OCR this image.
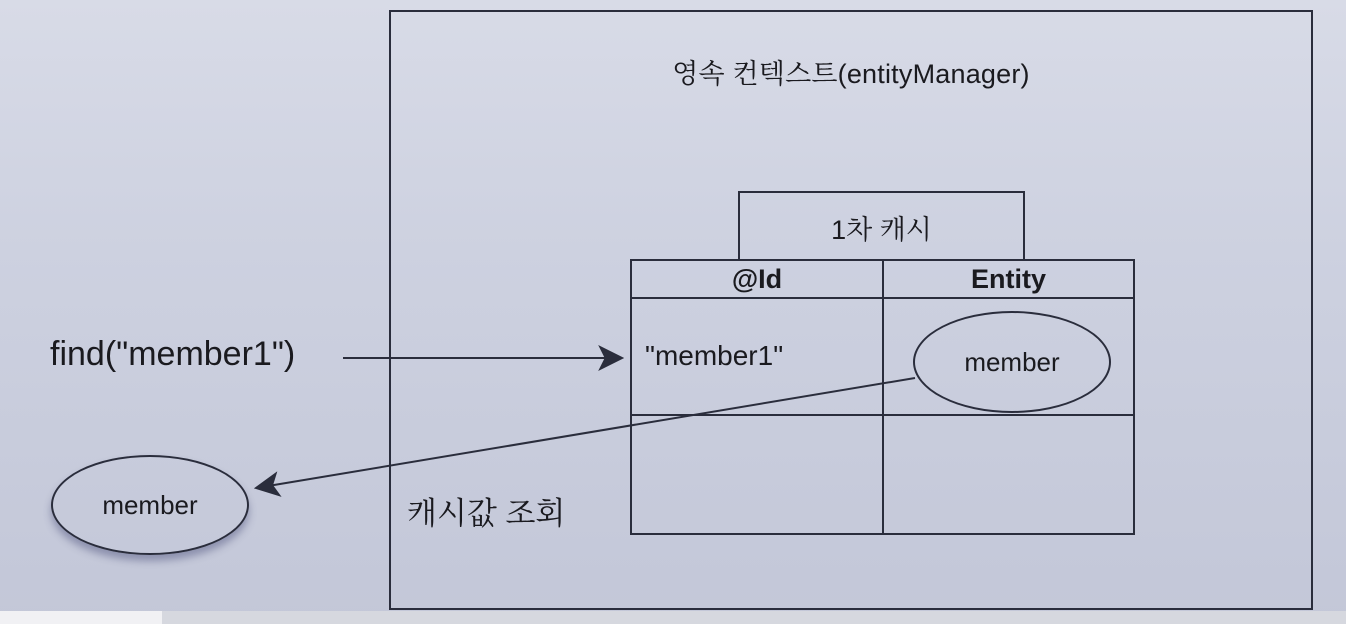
영속 컨텍스트(entityManager)
1차 캐시
@Id	Entity
"member1"	member
find("member1")
캐시값 조회
member
